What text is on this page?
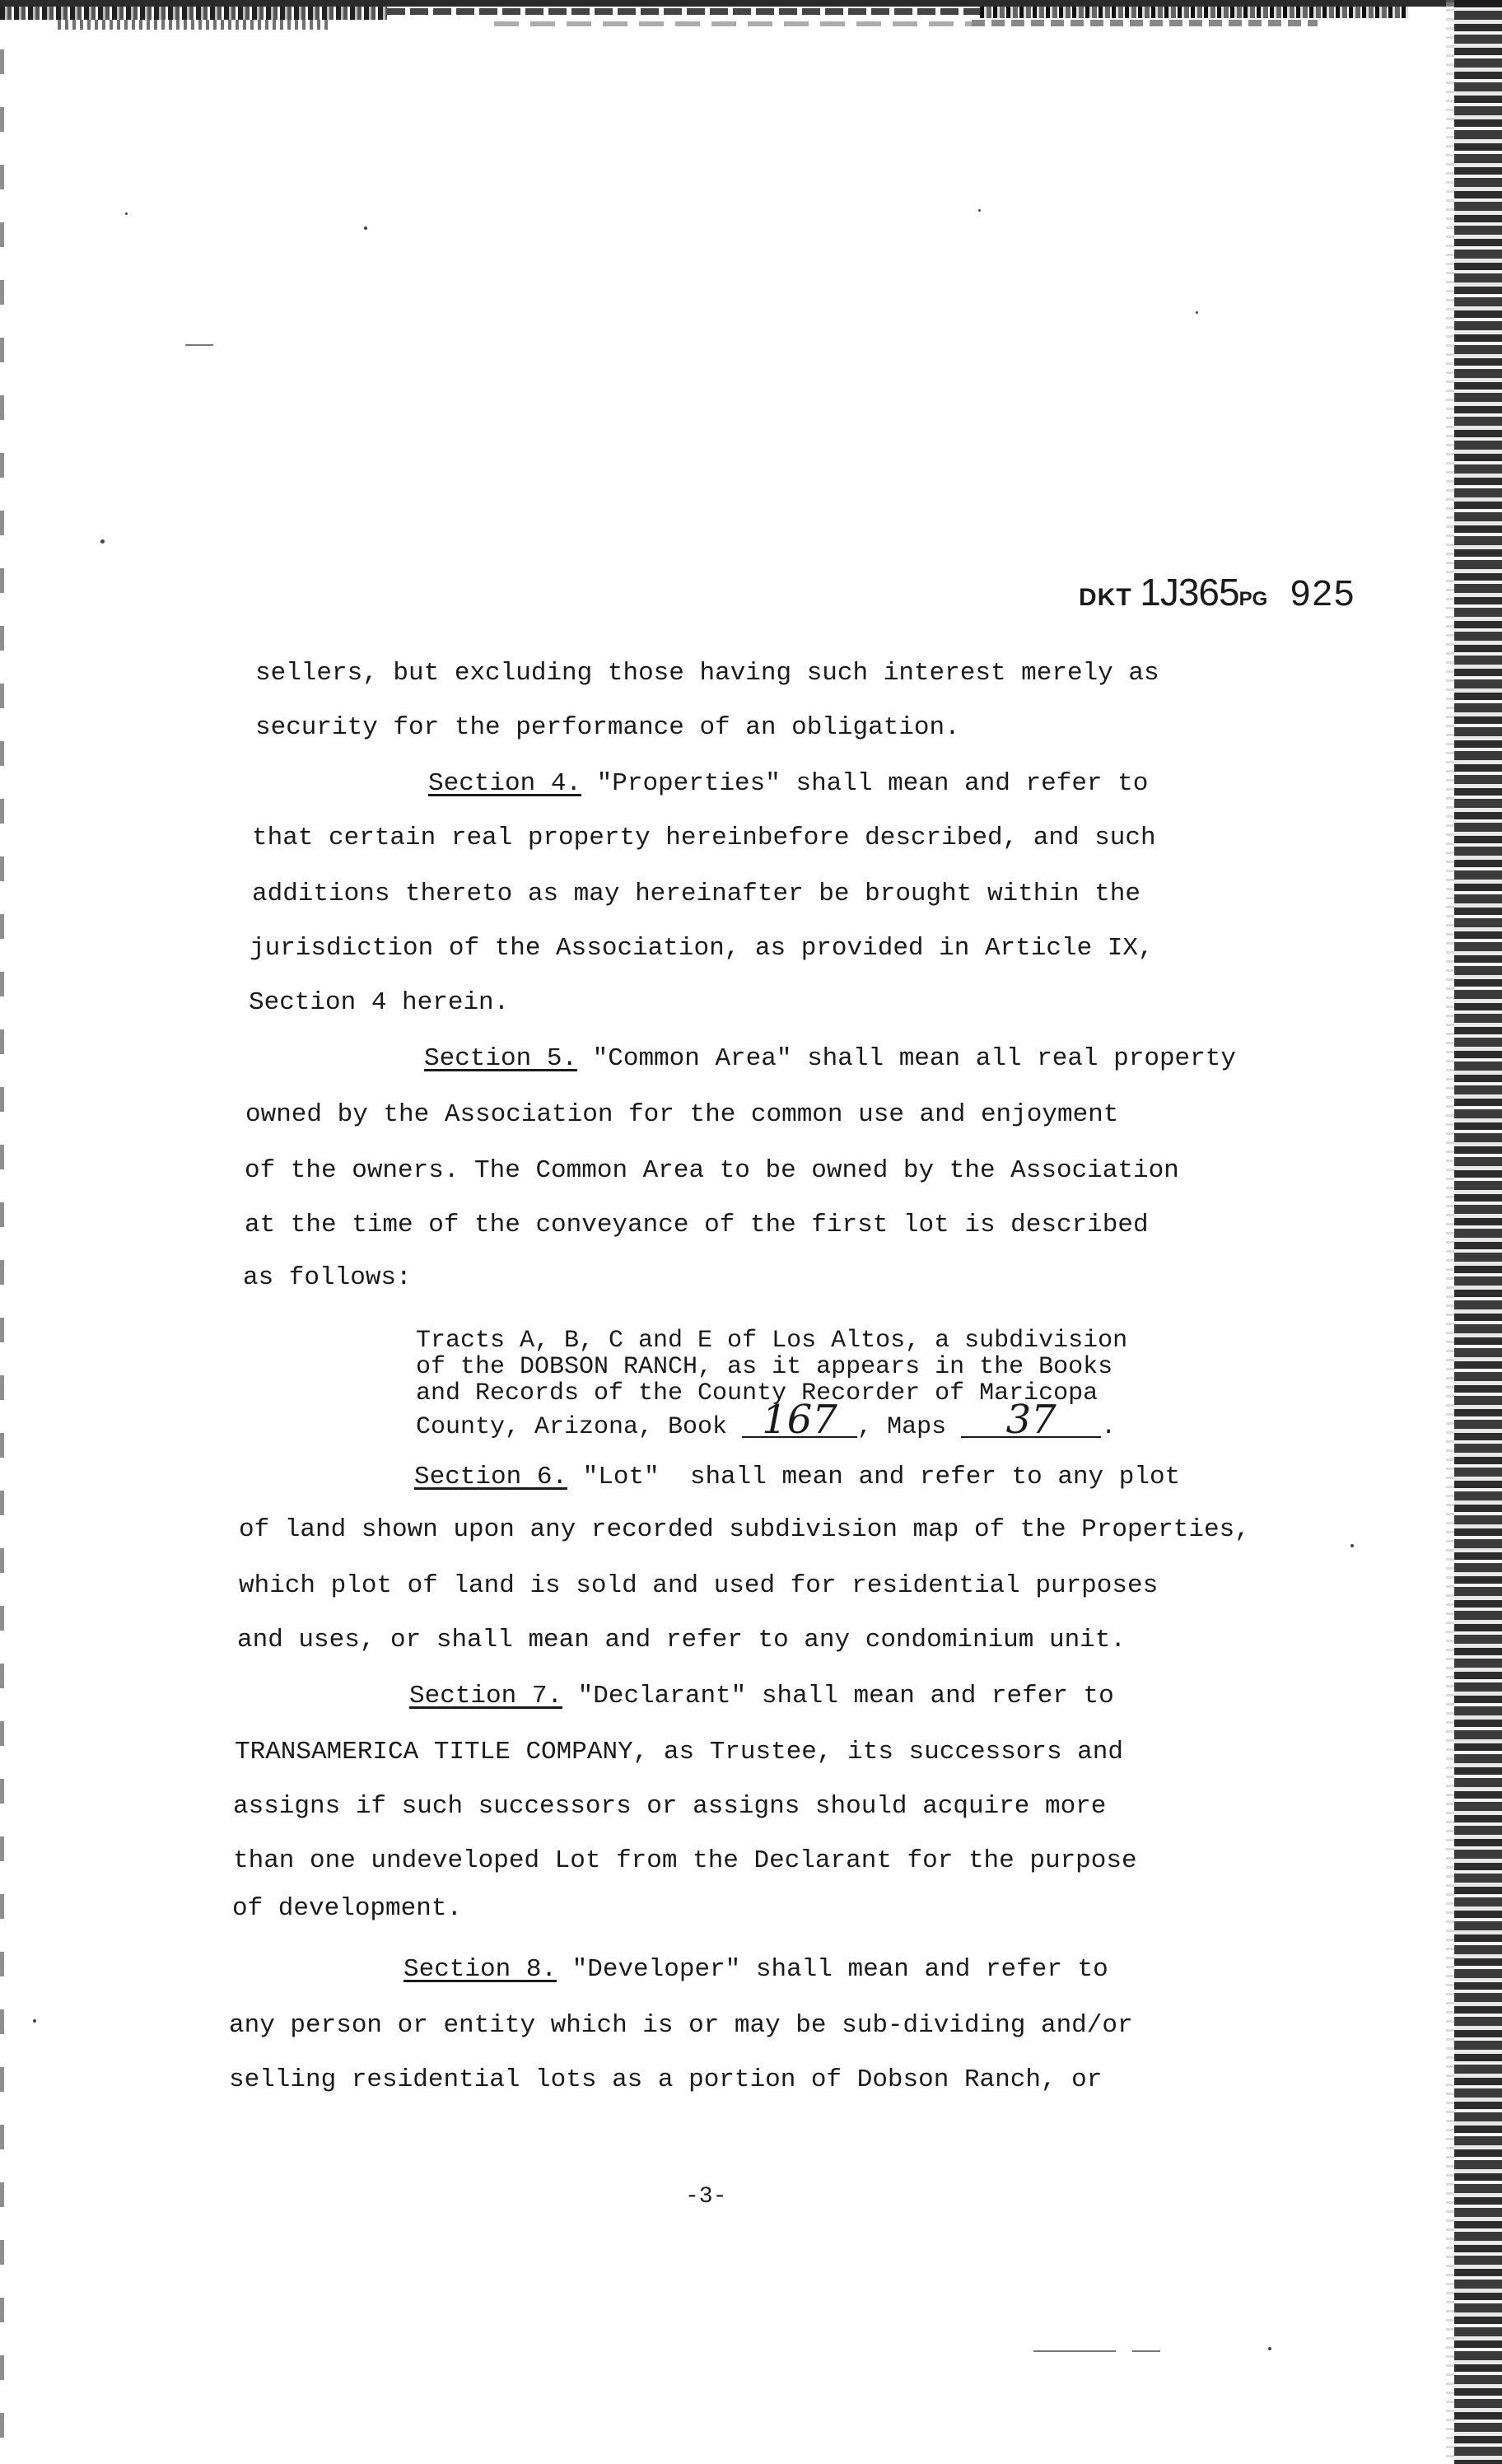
DKT 1J365PG 925
sellers, but excluding those having such interest merely as
security for the performance of an obligation.
Section 4. "Properties" shall mean and refer to
that certain real property hereinbefore described, and such
additions thereto as may hereinafter be brought within the
jurisdiction of the Association, as provided in Article IX,
Section 4 herein.
Section 5. "Common Area" shall mean all real property
owned by the Association for the common use and enjoyment
of the owners. The Common Area to be owned by the Association
at the time of the conveyance of the first lot is described
as follows:
Tracts A, B, C and E of Los Altos, a subdivision
of the DOBSON RANCH, as it appears in the Books
and Records of the County Recorder of Maricopa
County, Arizona, Book 167 , Maps 37 .
Section 6. "Lot"  shall mean and refer to any plot
of land shown upon any recorded subdivision map of the Properties,
which plot of land is sold and used for residential purposes
and uses, or shall mean and refer to any condominium unit.
Section 7. "Declarant" shall mean and refer to
TRANSAMERICA TITLE COMPANY, as Trustee, its successors and
assigns if such successors or assigns should acquire more
than one undeveloped Lot from the Declarant for the purpose
of development.
Section 8. "Developer" shall mean and refer to
any person or entity which is or may be sub-dividing and/or
selling residential lots as a portion of Dobson Ranch, or
-3-
